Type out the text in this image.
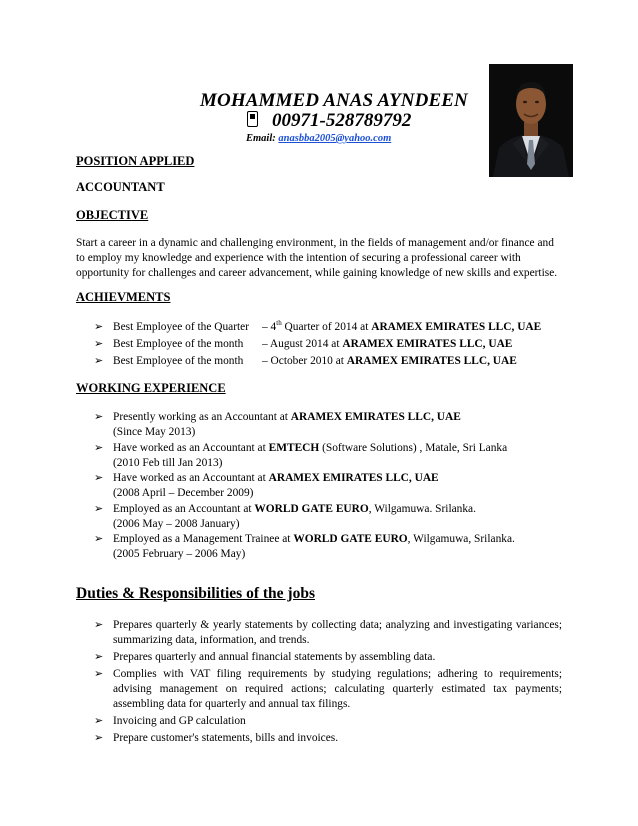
MOHAMMED ANAS AYNDEEN
00971-528789792
Email: anasbba2005@yahoo.com
POSITION APPLIED
ACCOUNTANT
OBJECTIVE

Start a career in a dynamic and challenging environment, in the fields of management and/or finance and

to employ my knowledge and experience with the intention of securing a professional career with

opportunity for challenges and career advancement, while gaining knowledge of new skills and expertise.

ACHIEVMENTS
➢ Best Employee of the Quarter – 4th Quarter of 2014 at ARAMEX EMIRATES LLC, UAE
➢ Best Employee of the month – August 2014 at ARAMEX EMIRATES LLC, UAE
➢ Best Employee of the month – October 2010 at ARAMEX EMIRATES LLC, UAE
WORKING EXPERIENCE
➢ Presently working as an Accountant at ARAMEX EMIRATES LLC, UAE
(Since May 2013)
➢ Have worked as an Accountant at EMTECH (Software Solutions) , Matale, Sri Lanka
(2010 Feb till Jan 2013)
➢ Have worked as an Accountant at ARAMEX EMIRATES LLC, UAE
(2008 April – December 2009)
➢ Employed as an Accountant at WORLD GATE EURO, Wilgamuwa. Srilanka.
(2006 May – 2008 January)
➢ Employed as a Management Trainee at WORLD GATE EURO, Wilgamuwa, Srilanka.
(2005 February – 2006 May)
Duties & Responsibilities of the jobs
➢ Prepares quarterly & yearly statements by collecting data; analyzing and investigating variances;
summarizing data, information, and trends.
➢ Prepares quarterly and annual financial statements by assembling data.
➢ Complies with VAT filing requirements by studying regulations; adhering to requirements;
advising management on required actions; calculating quarterly estimated tax payments;
assembling data for quarterly and annual tax filings.
➢ Invoicing and GP calculation
➢ Prepare customer's statements, bills and invoices.
